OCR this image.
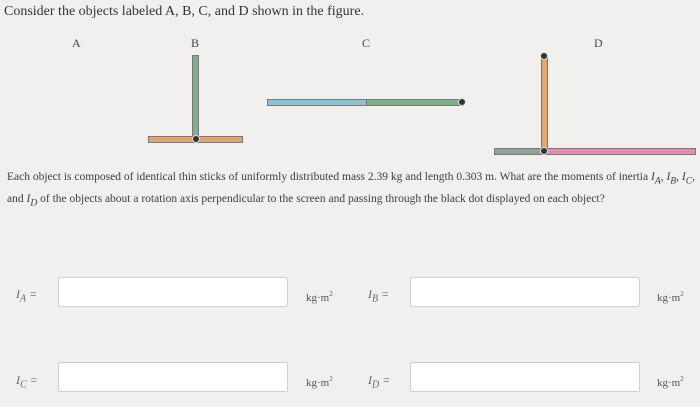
Consider the objects labeled A, B, C, and D shown in the figure.
A	B	C	D
Each object is composed of identical thin sticks of uniformly distributed mass 2.39 kg and length 0.303 m. What are the moments of inertia $I_A$, $I_B$, $I_C$, and $I_D$ of the objects about a rotation axis perpendicular to the screen and passing through the black dot displayed on each object?
$I_A$ =	$kg\cdot m^2$	$I_B$ =	$kg\cdot m^2$
$I_C$ =	$kg\cdot m^2$	$I_D$ =	$kg\cdot m^2$
